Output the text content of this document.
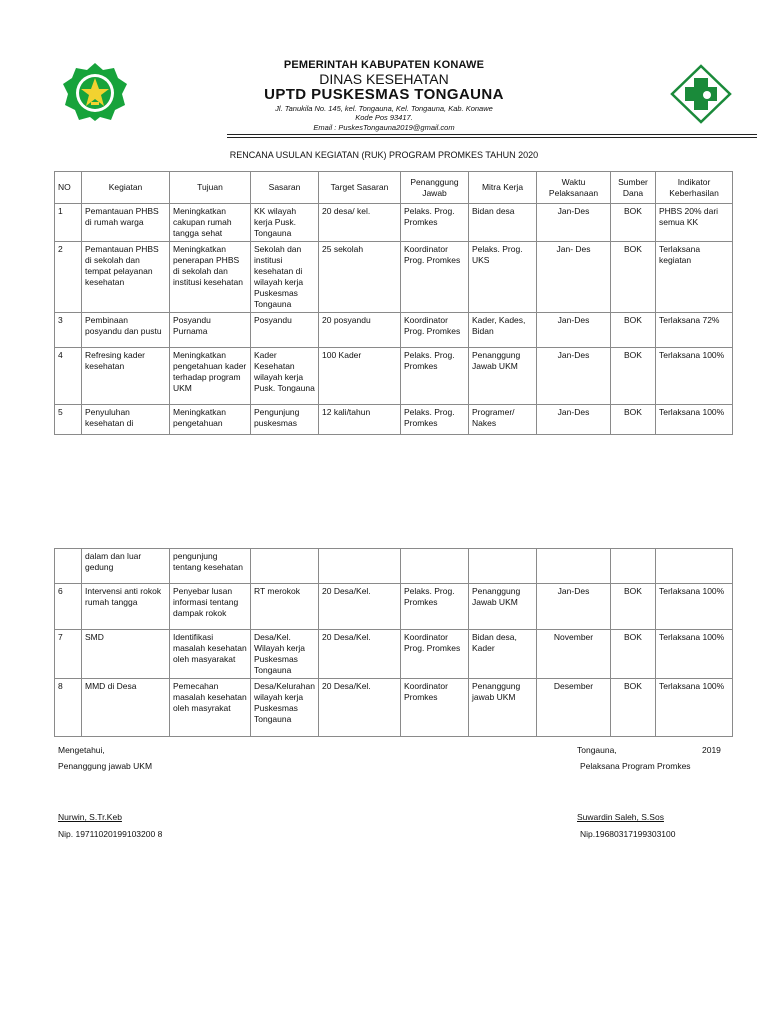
PEMERINTAH KABUPATEN KONAWE
DINAS KESEHATAN
UPTD PUSKESMAS TONGAUNA
Jl. Tanukila No. 145, kel. Tongauna, Kel. Tongauna, Kab. Konawe
Kode Pos 93417.
Email : PuskesTongauna2019@gmail.com
RENCANA USULAN KEGIATAN (RUK) PROGRAM PROMKES TAHUN 2020
NO	Kegiatan	Tujuan	Sasaran	Target Sasaran	Penanggung Jawab	Mitra Kerja	Waktu Pelaksanaan	Sumber Dana	Indikator Keberhasilan
1	Pemantauan PHBS di rumah warga	Meningkatkan cakupan rumah tangga sehat	KK wilayah kerja Pusk. Tongauna	20 desa/ kel.	Pelaks. Prog. Promkes	Bidan desa	Jan-Des	BOK	PHBS 20% dari semua KK
2	Pemantauan PHBS di sekolah dan tempat pelayanan kesehatan	Meningkatkan penerapan PHBS di sekolah dan institusi kesehatan	Sekolah dan institusi kesehatan di wilayah kerja Puskesmas Tongauna	25 sekolah	Koordinator Prog. Promkes	Pelaks. Prog. UKS	Jan- Des	BOK	Terlaksana kegiatan
3	Pembinaan posyandu dan pustu	Posyandu Purnama	Posyandu	20 posyandu	Koordinator Prog. Promkes	Kader, Kades, Bidan	Jan-Des	BOK	Terlaksana 72%
4	Refresing kader kesehatan	Meningkatkan pengetahuan kader terhadap program UKM	Kader Kesehatan wilayah kerja Pusk. Tongauna	100 Kader	Pelaks. Prog. Promkes	Penanggung Jawab UKM	Jan-Des	BOK	Terlaksana 100%
5	Penyuluhan kesehatan di	Meningkatkan pengetahuan	Pengunjung puskesmas	12 kali/tahun	Pelaks. Prog. Promkes	Programer/ Nakes	Jan-Des	BOK	Terlaksana 100%
	dalam dan luar gedung	pengunjung tentang kesehatan							
6	Intervensi anti rokok rumah tangga	Penyebar lusan informasi tentang dampak rokok	RT merokok	20 Desa/Kel.	Pelaks. Prog. Promkes	Penanggung Jawab UKM	Jan-Des	BOK	Terlaksana 100%
7	SMD	Identifikasi masalah kesehatan oleh masyarakat	Desa/Kel. Wilayah kerja Puskesmas Tongauna	20 Desa/Kel.	Koordinator Prog. Promkes	Bidan desa, Kader	November	BOK	Terlaksana 100%
8	MMD di Desa	Pemecahan masalah kesehatan oleh masyrakat	Desa/Kelurahan wilayah kerja Puskesmas Tongauna	20 Desa/Kel.	Koordinator Promkes	Penanggung jawab UKM	Desember	BOK	Terlaksana 100%
Mengetahui,
Penanggung jawab UKM
Nurwin, S.Tr.Keb
Nip. 19711020199103200 8
Tongauna,	2019
Pelaksana Program Promkes
Suwardin Saleh, S.Sos
Nip.19680317199303100
